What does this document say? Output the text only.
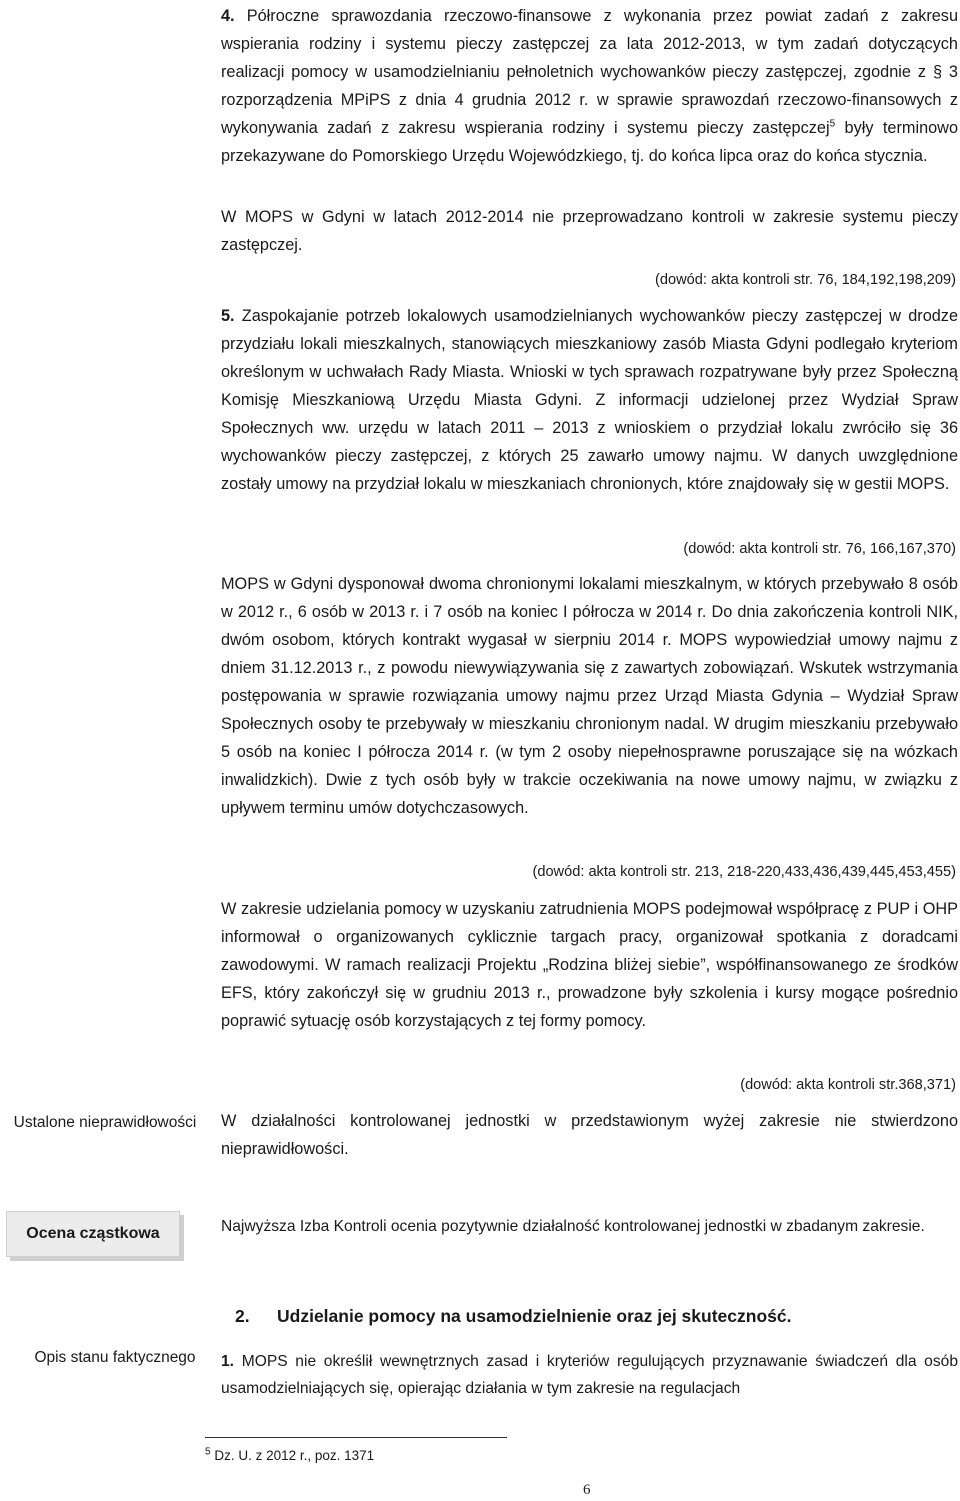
4. Półroczne sprawozdania rzeczowo-finansowe z wykonania przez powiat zadań z zakresu wspierania rodziny i systemu pieczy zastępczej za lata 2012-2013, w tym zadań dotyczących realizacji pomocy w usamodzielnianiu pełnoletnich wychowanków pieczy zastępczej, zgodnie z § 3 rozporządzenia MPiPS z dnia 4 grudnia 2012 r. w sprawie sprawozdań rzeczowo-finansowych z wykonywania zadań z zakresu wspierania rodziny i systemu pieczy zastępczej$^5$ były terminowo przekazywane do Pomorskiego Urzędu Wojewódzkiego, tj. do końca lipca oraz do końca stycznia.

W MOPS w Gdyni w latach 2012-2014 nie przeprowadzano kontroli w zakresie systemu pieczy zastępczej.

(dowód: akta kontroli str. 76, 184,192,198,209)

5. Zaspokajanie potrzeb lokalowych usamodzielnianych wychowanków pieczy zastępczej w drodze przydziału lokali mieszkalnych, stanowiących mieszkaniowy zasób Miasta Gdyni podlegało kryteriom określonym w uchwałach Rady Miasta. Wnioski w tych sprawach rozpatrywane były przez Społeczną Komisję Mieszkaniową Urzędu Miasta Gdyni. Z informacji udzielonej przez Wydział Spraw Społecznych ww. urzędu w latach 2011 – 2013 z wnioskiem o przydział lokalu zwróciło się 36 wychowanków pieczy zastępczej, z których 25 zawarło umowy najmu. W danych uwzględnione zostały umowy na przydział lokalu w mieszkaniach chronionych, które znajdowały się w gestii MOPS.

(dowód: akta kontroli str. 76, 166,167,370)

MOPS w Gdyni dysponował dwoma chronionymi lokalami mieszkalnym, w których przebywało 8 osób w 2012 r., 6 osób w 2013 r. i 7 osób na koniec I półrocza w 2014 r. Do dnia zakończenia kontroli NIK, dwóm osobom, których kontrakt wygasał w sierpniu 2014 r. MOPS wypowiedział umowy najmu z dniem 31.12.2013 r., z powodu niewywiązywania się z zawartych zobowiązań. Wskutek wstrzymania postępowania w sprawie rozwiązania umowy najmu przez Urząd Miasta Gdynia – Wydział Spraw Społecznych osoby te przebywały w mieszkaniu chronionym nadal. W drugim mieszkaniu przebywało 5 osób na koniec I półrocza 2014 r. (w tym 2 osoby niepełnosprawne poruszające się na wózkach inwalidzkich). Dwie z tych osób były w trakcie oczekiwania na nowe umowy najmu, w związku z upływem terminu umów dotychczasowych.

(dowód: akta kontroli str. 213, 218-220,433,436,439,445,453,455)

W zakresie udzielania pomocy w uzyskaniu zatrudnienia MOPS podejmował współpracę z PUP i OHP informował o organizowanych cyklicznie targach pracy, organizował spotkania z doradcami zawodowymi. W ramach realizacji Projektu „Rodzina bliżej siebie”, współfinansowanego ze środków EFS, który zakończył się w grudniu 2013 r., prowadzone były szkolenia i kursy mogące pośrednio poprawić sytuację osób korzystających z tej formy pomocy.

(dowód: akta kontroli str.368,371)
Ustalone nieprawidłowości W działalności kontrolowanej jednostki w przedstawionym wyżej zakresie nie stwierdzono nieprawidłowości.

Ocena cząstkowa	Najwyższa Izba Kontroli ocenia pozytywnie działalność kontrolowanej jednostki w zbadanym zakresie.

2. Udzielanie pomocy na usamodzielnienie oraz jej skuteczność.
Opis stanu faktycznego 1. MOPS nie określił wewnętrznych zasad i kryteriów regulujących przyznawanie świadczeń dla osób usamodzielniających się, opierając działania w tym zakresie na regulacjach

$^5$ Dz. U. z 2012 r., poz. 1371
6
